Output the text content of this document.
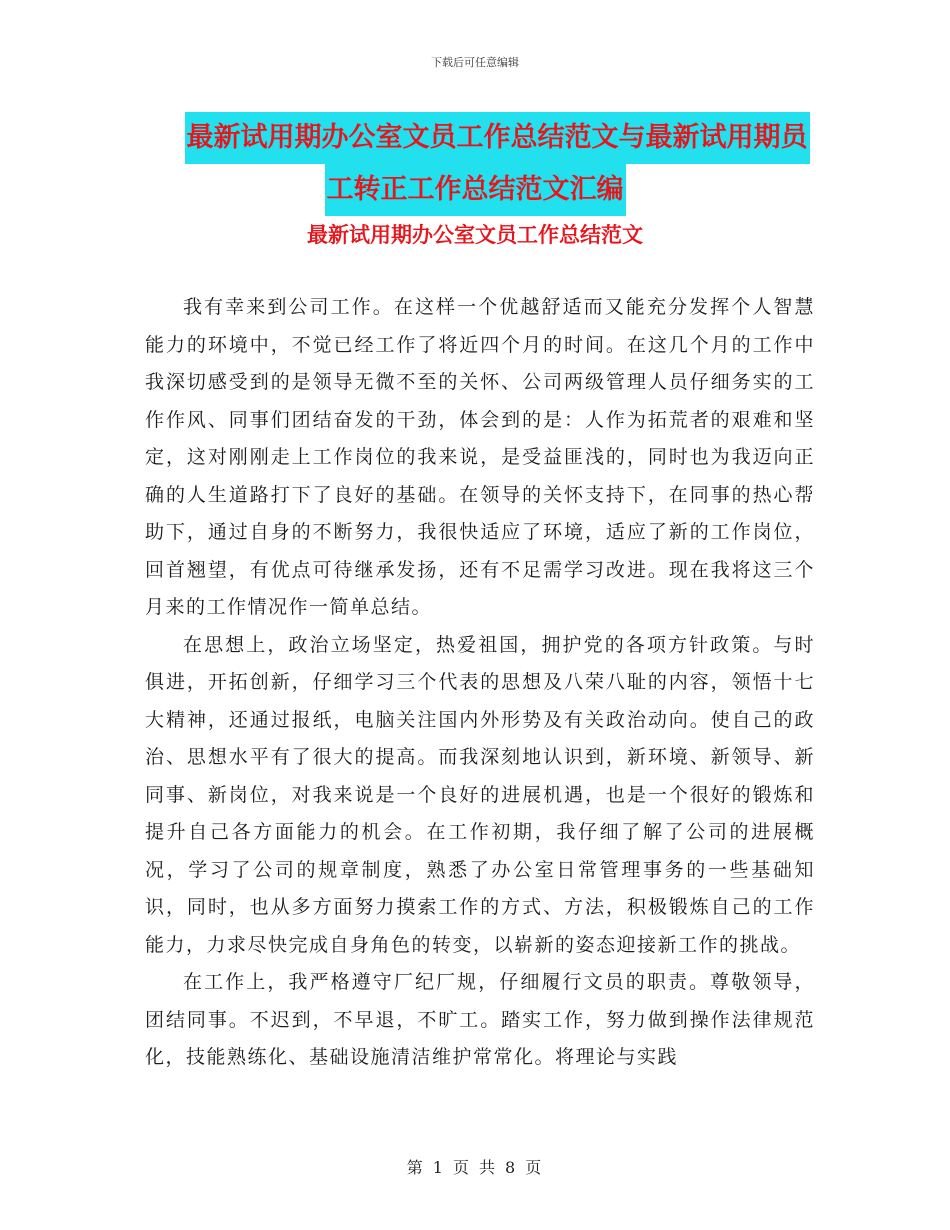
下载后可任意编辑
最新试用期办公室文员工作总结范文与最新试用期员
工转正工作总结范文汇编
最新试用期办公室文员工作总结范文

我有幸来到公司工作。在这样一个优越舒适而又能充分发挥个人智慧能力的环境中，不觉已经工作了将近四个月的时间。在这几个月的工作中我深切感受到的是领导无微不至的关怀、公司两级管理人员仔细务实的工作作风、同事们团结奋发的干劲，体会到的是：人作为拓荒者的艰难和坚定，这对刚刚走上工作岗位的我来说，是受益匪浅的，同时也为我迈向正确的人生道路打下了良好的基础。在领导的关怀支持下，在同事的热心帮助下，通过自身的不断努力，我很快适应了环境，适应了新的工作岗位，回首翘望，有优点可待继承发扬，还有不足需学习改进。现在我将这三个月来的工作情况作一简单总结。

在思想上，政治立场坚定，热爱祖国，拥护党的各项方针政策。与时俱进，开拓创新，仔细学习三个代表的思想及八荣八耻的内容，领悟十七大精神，还通过报纸，电脑关注国内外形势及有关政治动向。使自己的政治、思想水平有了很大的提高。而我深刻地认识到，新环境、新领导、新同事、新岗位，对我来说是一个良好的进展机遇，也是一个很好的锻炼和提升自己各方面能力的机会。在工作初期，我仔细了解了公司的进展概况，学习了公司的规章制度，熟悉了办公室日常管理事务的一些基础知识，同时，也从多方面努力摸索工作的方式、方法，积极锻炼自己的工作能力，力求尽快完成自身角色的转变，以崭新的姿态迎接新工作的挑战。

在工作上，我严格遵守厂纪厂规，仔细履行文员的职责。尊敬领导，团结同事。不迟到，不早退，不旷工。踏实工作，努力做到操作法律规范化，技能熟练化、基础设施清洁维护常常化。将理论与实践

第 1 页 共 8 页
